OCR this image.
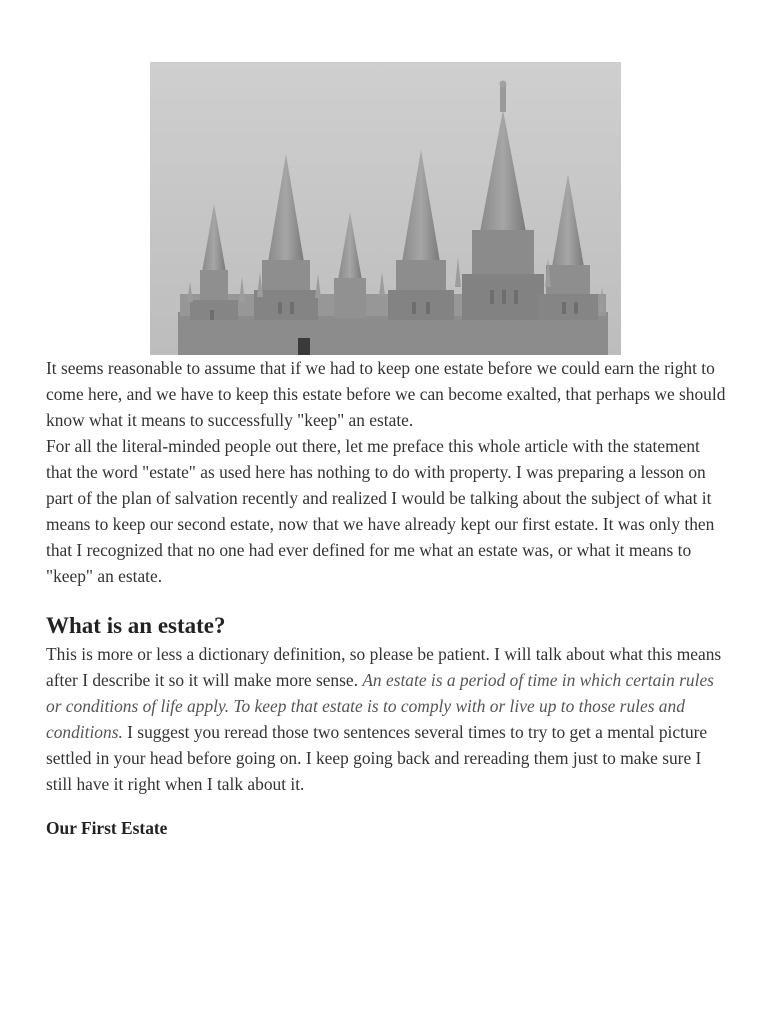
It seems reasonable to assume that if we had to keep one estate before we could earn the right to come here, and we have to keep this estate before we can become exalted, that perhaps we should know what it means to successfully "keep" an estate.

For all the literal-minded people out there, let me preface this whole article with the statement that the word "estate" as used here has nothing to do with property. I was preparing a lesson on part of the plan of salvation recently and realized I would be talking about the subject of what it means to keep our second estate, now that we have already kept our first estate. It was only then that I recognized that no one had ever defined for me what an estate was, or what it means to "keep" an estate.

What is an estate?

This is more or less a dictionary definition, so please be patient. I will talk about what this means after I describe it so it will make more sense. An estate is a period of time in which certain rules or conditions of life apply. To keep that estate is to comply with or live up to those rules and conditions. I suggest you reread those two sentences several times to try to get a mental picture settled in your head before going on. I keep going back and rereading them just to make sure I still have it right when I talk about it.

Our First Estate
